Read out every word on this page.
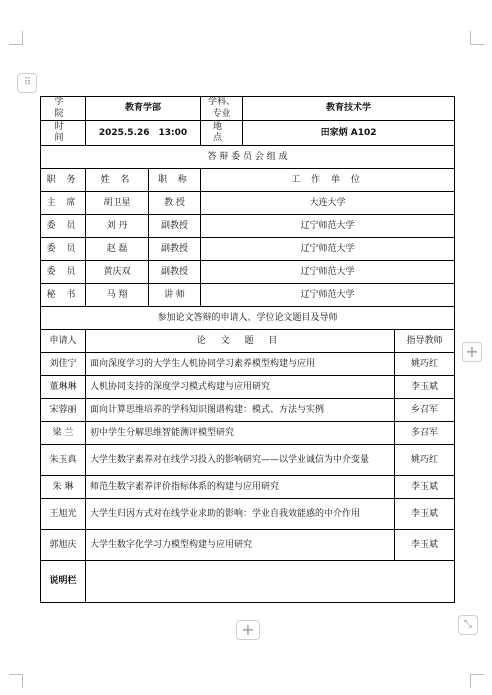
⠿
+
+	⤡
学 院	教育学部		学科、专业	教育技术学	
时 间	2025.5.26　13:00		地 点	田家炳 A102	
答 辩 委 员 会 组 成					
职 务	姓 名	职 称	工 作 单 位		
主 席	胡卫星	教 授	大连大学		
委 员	刘 丹	副教授	辽宁师范大学		
委 员	赵 磊	副教授	辽宁师范大学		
委 员	黄庆双	副教授	辽宁师范大学		
秘 书	马 翔	讲 师	辽宁师范大学		
参加论文答辩的申请人、学位论文题目及导师					
申请人	论 文 题 目				指导教师
刘佳宁	面向深度学习的大学生人机协同学习素养模型构建与应用				姚巧红
董琳琳	人机协同支持的深度学习模式构建与应用研究				李玉斌
宋蓉丽	面向计算思维培养的学科知识图谱构建：模式、方法与实例				乡召军
梁 兰	初中学生分解思维智能测评模型研究				多召军
朱玉真	大学生数字素养对在线学习投入的影响研究——以学业诚信为中介变量				姚巧红
朱 琳	师范生数字素养评价指标体系的构建与应用研究				李玉斌
王旭光	大学生归因方式对在线学业求助的影响：学业自我效能感的中介作用				李玉斌
郭旭庆	大学生数字化学习力模型构建与应用研究				李玉斌
说明栏					
